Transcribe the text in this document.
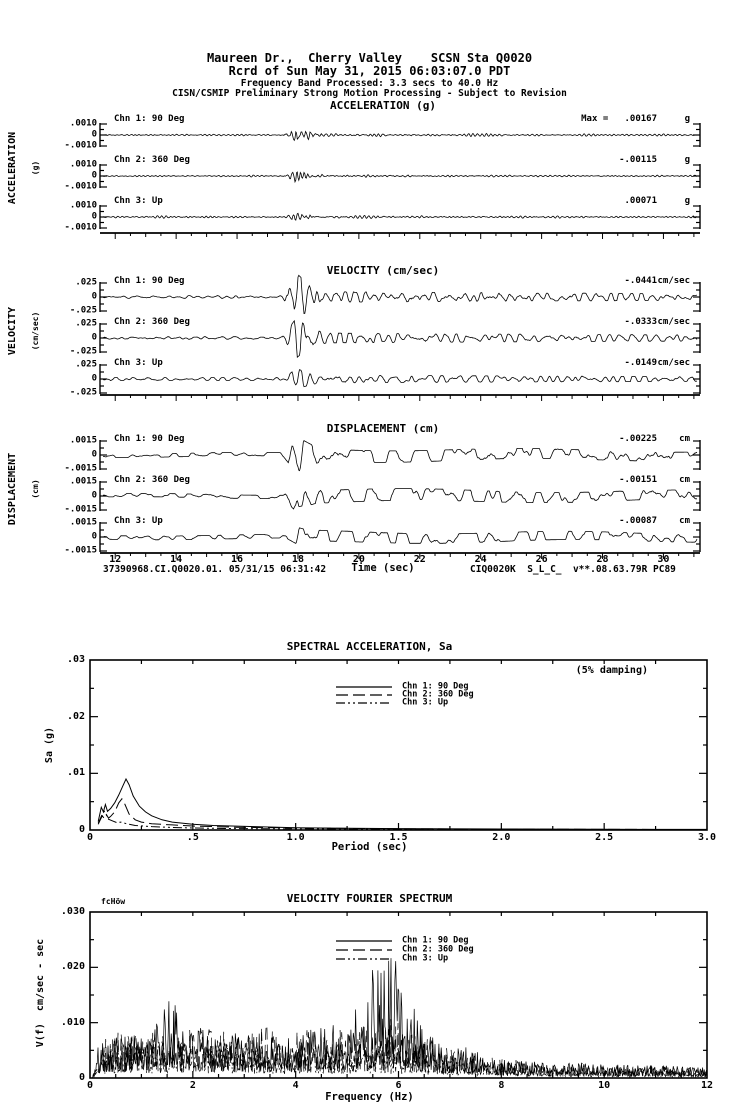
Maureen Dr.,  Cherry Valley    SCSN Sta Q0020
Rcrd of Sun May 31, 2015 06:03:07.0 PDT
Frequency Band Processed: 3.3 secs to 40.0 Hz
CISN/CSMIP Preliminary Strong Motion Processing - Subject to Revision
ACCELERATION (g)
VELOCITY (cm/sec)
DISPLACEMENT (cm)
ACCELERATION (g)
VELOCITY (cm/sec)
DISPLACEMENT (cm)
Time (sec)
37390968.CI.Q0020.01. 05/31/15 06:31:42	CIQ0020K  S_L_C_  v**.08.63.79R PC89
SPECTRAL ACCELERATION, Sa
(5% damping)
Sa (g)
Period (sec)
VELOCITY FOURIER SPECTRUM
fcHöw
V(f)  cm/sec - sec
Frequency (Hz)
.0010
0
-.0010
Chn 1: 90 Deg	Max =   .00167	g
.0010
0
-.0010
Chn 2: 360 Deg	-.00115	g
.0010
0
-.0010
Chn 3: Up	.00071	g
.025
0
-.025
Chn 1: 90 Deg	-.0441 cm/sec
.025
0
-.025
Chn 2: 360 Deg	-.0333 cm/sec
.025
0
-.025
Chn 3: Up	-.0149 cm/sec
12	14	16	18	20	22	24	26	28	30
.0015
0
-.0015
Chn 1: 90 Deg	-.00225 cm
.0015
0
-.0015
Chn 2: 360 Deg	-.00151 cm
.0015
0
-.0015
Chn 3: Up	-.00087 cm
0
.01
.02
.03
0	.5	1.0	1.5	2.0	2.5	3.0
Chn 1: 90 Deg
Chn 2: 360 Deg
Chn 3: Up
0
.010
.020
.030
0	2	4	6	8	10	12
Chn 1: 90 Deg
Chn 2: 360 Deg
Chn 3: Up
